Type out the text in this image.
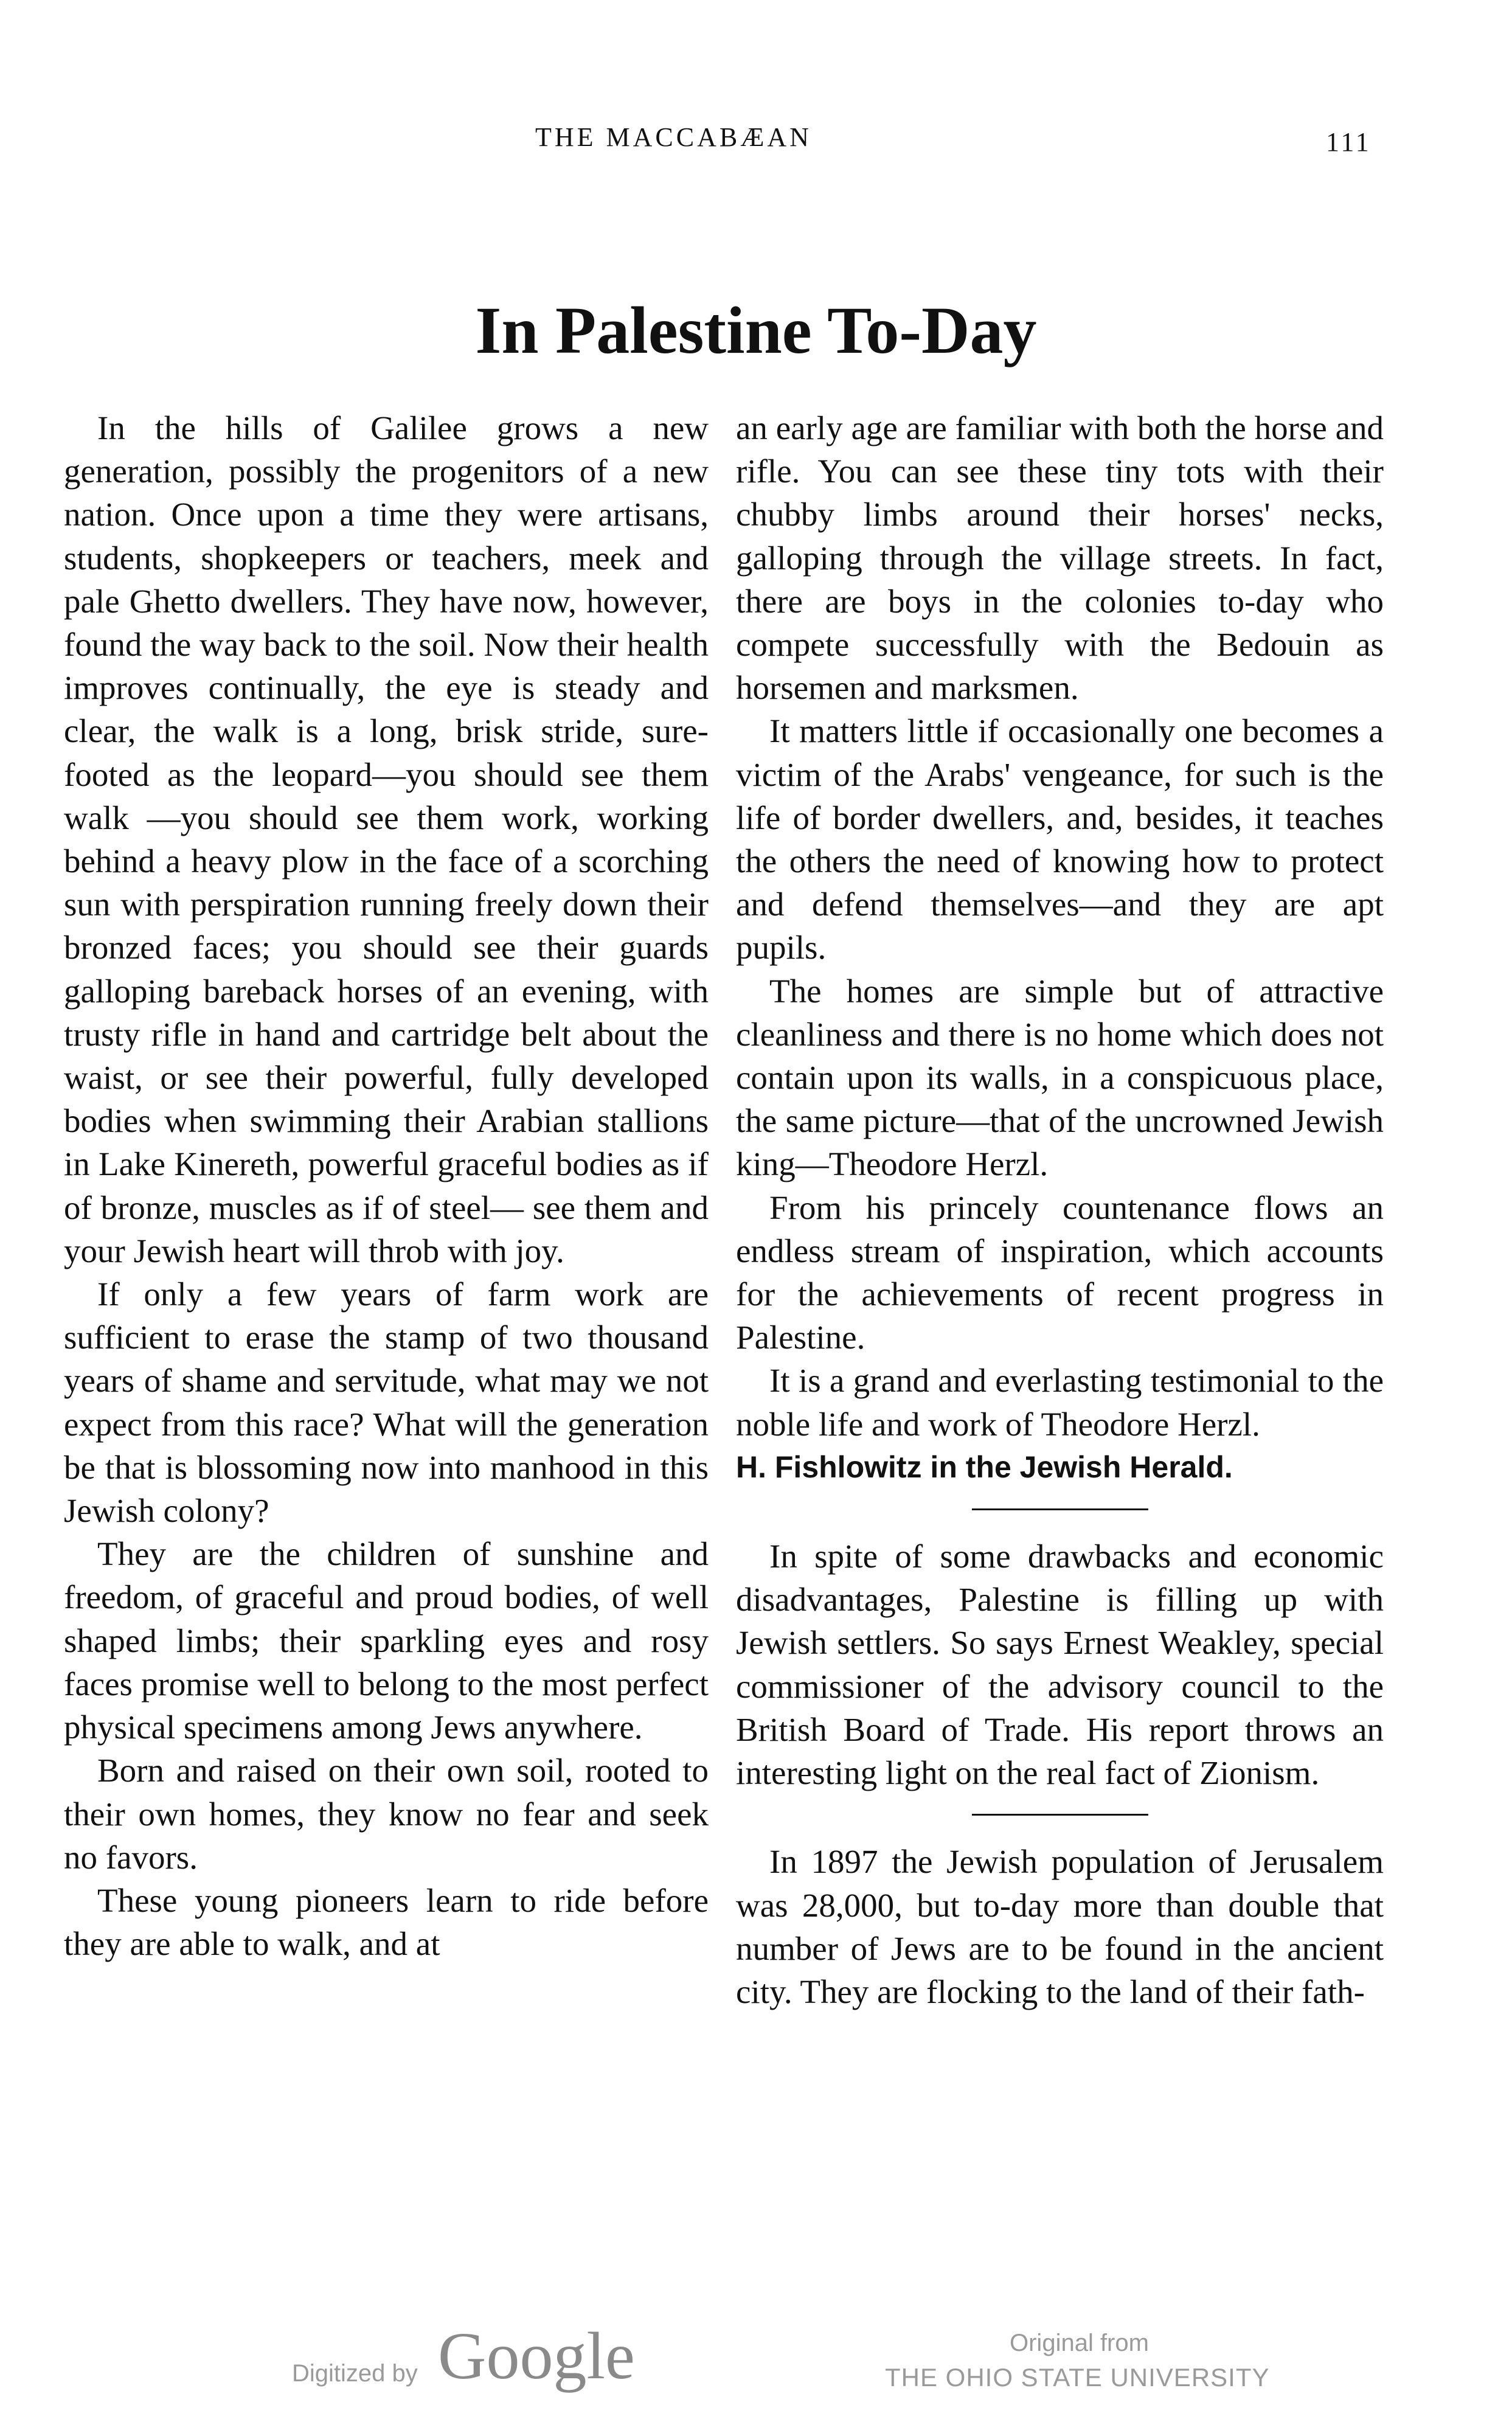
THE MACCABÆAN	111
In Palestine To-Day

In the hills of Galilee grows a new generation, possibly the progenitors of a new nation. Once upon a time they were artisans, students, shopkeepers or teachers, meek and pale Ghetto dwellers. They have now, however, found the way back to the soil. Now their health improves continually, the eye is steady and clear, the walk is a long, brisk stride, sure-footed as the leopard—you should see them walk —you should see them work, working behind a heavy plow in the face of a scorching sun with perspiration running freely down their bronzed faces; you should see their guards galloping bareback horses of an evening, with trusty rifle in hand and cartridge belt about the waist, or see their powerful, fully developed bodies when swimming their Arabian stallions in Lake Kinereth, powerful graceful bodies as if of bronze, muscles as if of steel— see them and your Jewish heart will throb with joy.

If only a few years of farm work are sufficient to erase the stamp of two thousand years of shame and servitude, what may we not expect from this race? What will the generation be that is blossoming now into manhood in this Jewish colony?

They are the children of sunshine and freedom, of graceful and proud bodies, of well shaped limbs; their sparkling eyes and rosy faces promise well to belong to the most perfect physical specimens among Jews anywhere.

Born and raised on their own soil, rooted to their own homes, they know no fear and seek no favors.

These young pioneers learn to ride before they are able to walk, and at

an early age are familiar with both the horse and rifle. You can see these tiny tots with their chubby limbs around their horses' necks, galloping through the village streets. In fact, there are boys in the colonies to-day who compete successfully with the Bedouin as horsemen and marksmen.

It matters little if occasionally one becomes a victim of the Arabs' vengeance, for such is the life of border dwellers, and, besides, it teaches the others the need of knowing how to protect and defend themselves—and they are apt pupils.

The homes are simple but of attractive cleanliness and there is no home which does not contain upon its walls, in a conspicuous place, the same picture—that of the uncrowned Jewish king—Theodore Herzl.

From his princely countenance flows an endless stream of inspiration, which accounts for the achievements of recent progress in Palestine.

It is a grand and everlasting testimonial to the noble life and work of Theodore Herzl.

H. Fishlowitz in the Jewish Herald.

In spite of some drawbacks and economic disadvantages, Palestine is filling up with Jewish settlers. So says Ernest Weakley, special commissioner of the advisory council to the British Board of Trade. His report throws an interesting light on the real fact of Zionism.

In 1897 the Jewish population of Jerusalem was 28,000, but to-day more than double that number of Jews are to be found in the ancient city. They are flocking to the land of their fath-

Digitized by Google	Original from
THE OHIO STATE UNIVERSITY
